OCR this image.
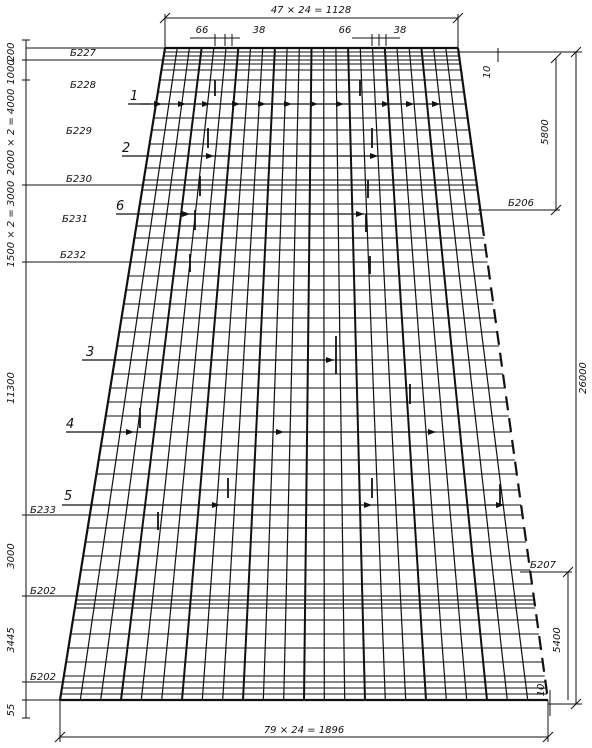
47 × 24 = 1128
66	38	66	38
79 × 24 = 1896
200
1000
2000 × 2 = 4000
1500 × 2 = 3000
11300
3000
3445
55
Б227
Б228
Б229
Б230
Б231
Б232
Б233
Б202
Б202
10
5800
26000
5400
10
Б206
Б207
1
2
6
3
4
5
